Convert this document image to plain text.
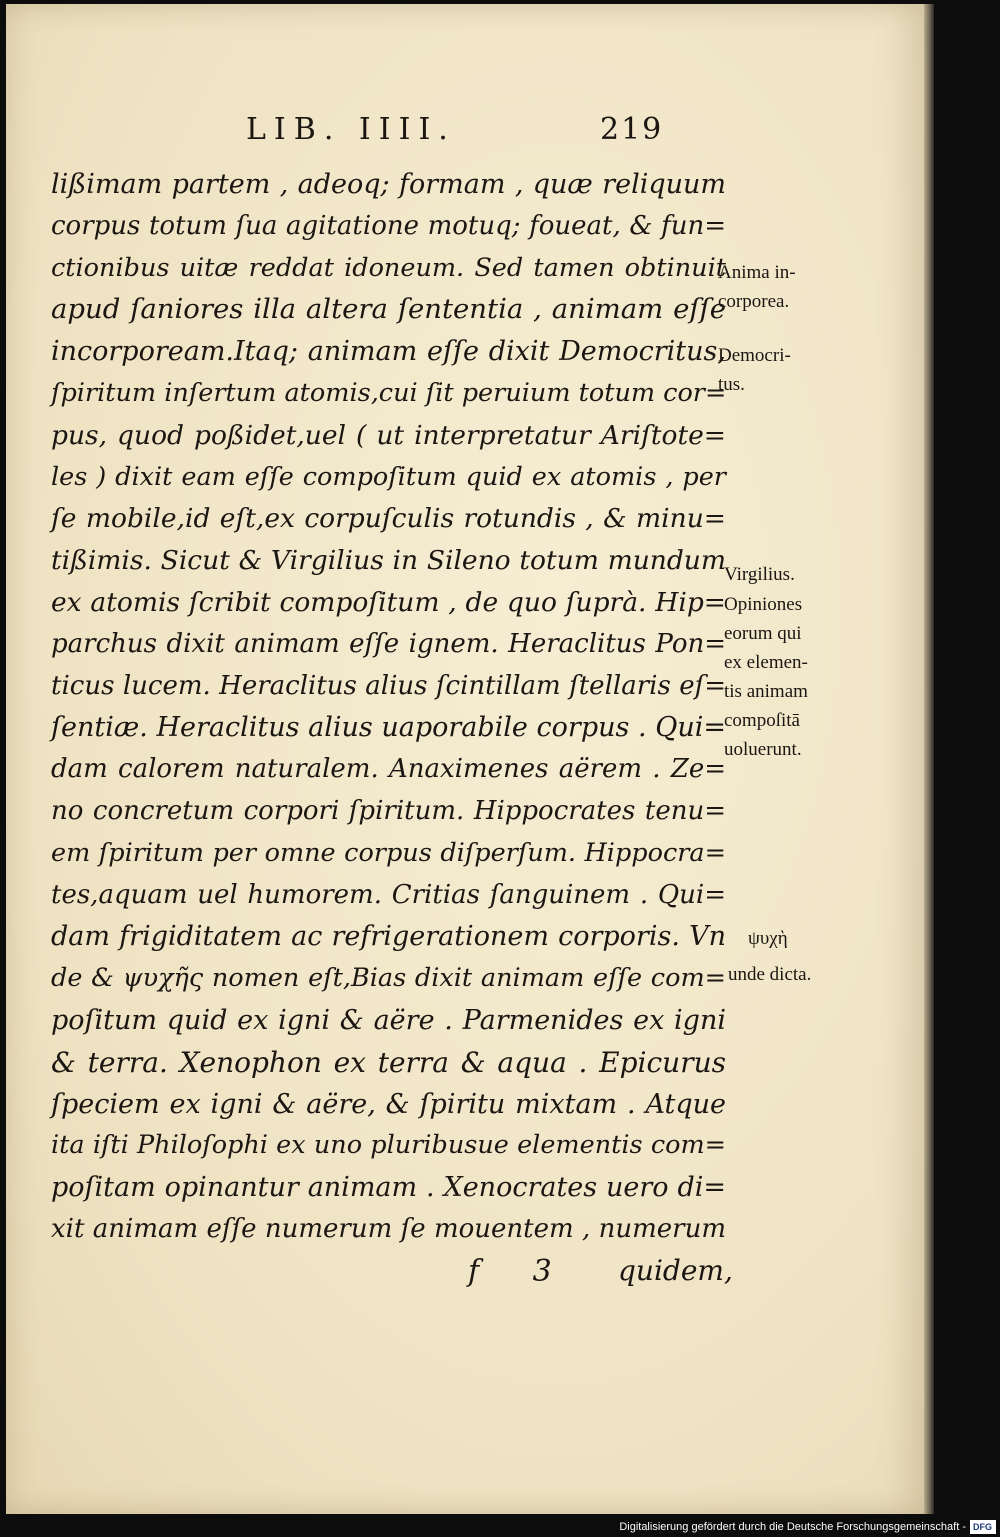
LIB. IIII.	219
lißimam partem , adeoq; formam , quæ reliquum
corpus totum ſua agitatione motuq; foueat, & fun=
ctionibus uitæ reddat idoneum. Sed tamen obtinuit
apud ſaniores illa altera ſententia , animam eſſe
incorpoream.Itaq; animam eſſe dixit Democritus,
ſpiritum inſertum atomis,cui ſit peruium totum cor=
pus, quod poßidet,uel ( ut interpretatur Ariſtote=
les ) dixit eam eſſe compoſitum quid ex atomis , per
ſe mobile,id eſt,ex corpuſculis rotundis , & minu=
tißimis. Sicut & Virgilius in Sileno totum mundum
ex atomis ſcribit compoſitum , de quo ſuprà. Hip=
parchus dixit animam eſſe ignem. Heraclitus Pon=
ticus lucem. Heraclitus alius ſcintillam ſtellaris eſ=
ſentiæ. Heraclitus alius uaporabile corpus . Qui=
dam calorem naturalem. Anaximenes aërem . Ze=
no concretum corpori ſpiritum. Hippocrates tenu=
em ſpiritum per omne corpus diſperſum. Hippocra=
tes,aquam uel humorem. Critias ſanguinem . Qui=
dam frigiditatem ac refrigerationem corporis. Vn
de & ψυχῆς nomen eſt,Bias dixit animam eſſe com=
poſitum quid ex igni & aëre . Parmenides ex igni
& terra. Xenophon ex terra & aqua . Epicurus
ſpeciem ex igni & aëre, & ſpiritu mixtam . Atque
ita iſti Philoſophi ex uno pluribusue elementis com=
poſitam opinantur animam . Xenocrates uero di=
xit animam eſſe numerum ſe mouentem , numerum
Anima in-
corporea.
Democri-
tus.
Virgilius.
Opiniones
eorum qui
ex elemen-
tis animam
compoſitā
uoluerunt.
ψυχὴ
unde dicta.
f 3 quidem,
Digitalisierung gefördert durch die Deutsche Forschungsgemeinschaft - DFG
